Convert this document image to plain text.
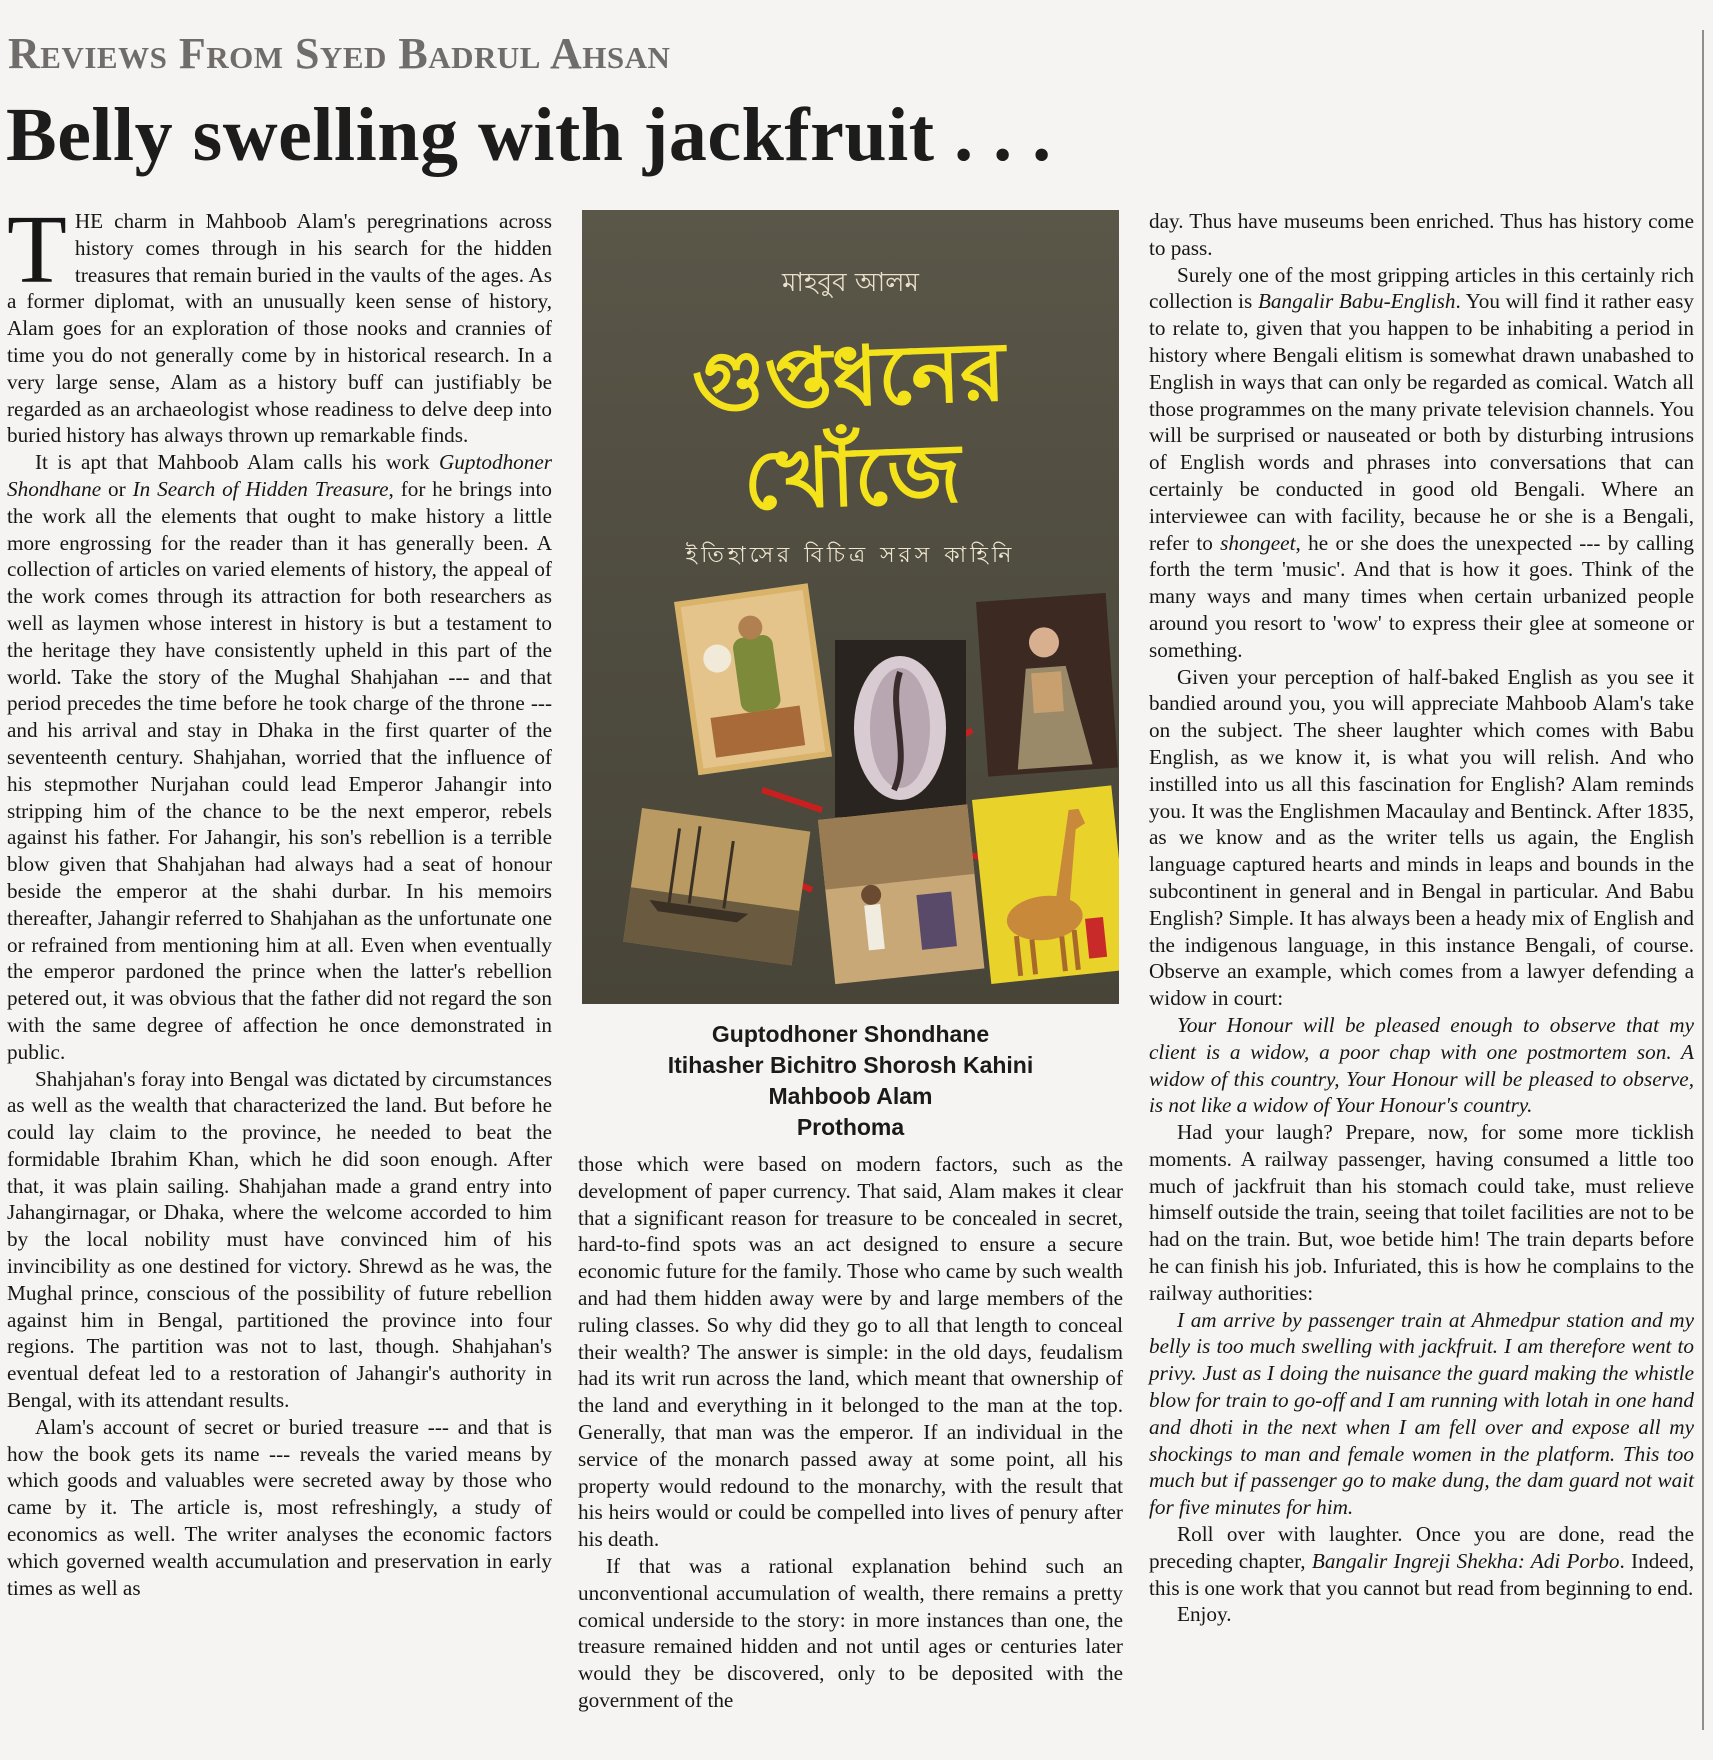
Reviews From Syed Badrul Ahsan
Belly swelling with jackfruit . . .

THE charm in Mahboob Alam's peregrinations across history comes through in his search for the hidden treasures that remain buried in the vaults of the ages. As a former diplomat, with an unusually keen sense of history, Alam goes for an exploration of those nooks and crannies of time you do not generally come by in historical research. In a very large sense, Alam as a history buff can justifiably be regarded as an archaeologist whose readiness to delve deep into buried history has always thrown up remarkable finds.

It is apt that Mahboob Alam calls his work Guptodhoner Shondhane or In Search of Hidden Treasure, for he brings into the work all the elements that ought to make history a little more engrossing for the reader than it has generally been. A collection of articles on varied elements of history, the appeal of the work comes through its attraction for both researchers as well as laymen whose interest in history is but a testament to the heritage they have consistently upheld in this part of the world. Take the story of the Mughal Shahjahan --- and that period precedes the time before he took charge of the throne --- and his arrival and stay in Dhaka in the first quarter of the seventeenth century. Shahjahan, worried that the influence of his stepmother Nurjahan could lead Emperor Jahangir into stripping him of the chance to be the next emperor, rebels against his father. For Jahangir, his son's rebellion is a terrible blow given that Shahjahan had always had a seat of honour beside the emperor at the shahi durbar. In his memoirs thereafter, Jahangir referred to Shahjahan as the unfortunate one or refrained from mentioning him at all. Even when eventually the emperor pardoned the prince when the latter's rebellion petered out, it was obvious that the father did not regard the son with the same degree of affection he once demonstrated in public.

Shahjahan's foray into Bengal was dictated by circumstances as well as the wealth that characterized the land. But before he could lay claim to the province, he needed to beat the formidable Ibrahim Khan, which he did soon enough. After that, it was plain sailing. Shahjahan made a grand entry into Jahangirnagar, or Dhaka, where the welcome accorded to him by the local nobility must have convinced him of his invincibility as one destined for victory. Shrewd as he was, the Mughal prince, conscious of the possibility of future rebellion against him in Bengal, partitioned the province into four regions. The partition was not to last, though. Shahjahan's eventual defeat led to a restoration of Jahangir's authority in Bengal, with its attendant results.

Alam's account of secret or buried treasure --- and that is how the book gets its name --- reveals the varied means by which goods and valuables were secreted away by those who came by it. The article is, most refreshingly, a study of economics as well. The writer analyses the economic factors which governed wealth accumulation and preservation in early times as well as

মাহবুব আলম
গুপ্তধনের খোঁজে
ইতিহাসের বিচিত্র সরস কাহিনি
Guptodhoner Shondhane
Itihasher Bichitro Shorosh Kahini
Mahboob Alam
Prothoma

those which were based on modern factors, such as the development of paper currency. That said, Alam makes it clear that a significant reason for treasure to be concealed in secret, hard-to-find spots was an act designed to ensure a secure economic future for the family. Those who came by such wealth and had them hidden away were by and large members of the ruling classes. So why did they go to all that length to conceal their wealth? The answer is simple: in the old days, feudalism had its writ run across the land, which meant that ownership of the land and everything in it belonged to the man at the top. Generally, that man was the emperor. If an individual in the service of the monarch passed away at some point, all his property would redound to the monarchy, with the result that his heirs would or could be compelled into lives of penury after his death.

If that was a rational explanation behind such an unconventional accumulation of wealth, there remains a pretty comical underside to the story: in more instances than one, the treasure remained hidden and not until ages or centuries later would they be discovered, only to be deposited with the government of the

day. Thus have museums been enriched. Thus has history come to pass.

Surely one of the most gripping articles in this certainly rich collection is Bangalir Babu-English. You will find it rather easy to relate to, given that you happen to be inhabiting a period in history where Bengali elitism is somewhat drawn unabashed to English in ways that can only be regarded as comical. Watch all those programmes on the many private television channels. You will be surprised or nauseated or both by disturbing intrusions of English words and phrases into conversations that can certainly be conducted in good old Bengali. Where an interviewee can with facility, because he or she is a Bengali, refer to shongeet, he or she does the unexpected --- by calling forth the term 'music'. And that is how it goes. Think of the many ways and many times when certain urbanized people around you resort to 'wow' to express their glee at someone or something.

Given your perception of half-baked English as you see it bandied around you, you will appreciate Mahboob Alam's take on the subject. The sheer laughter which comes with Babu English, as we know it, is what you will relish. And who instilled into us all this fascination for English? Alam reminds you. It was the Englishmen Macaulay and Bentinck. After 1835, as we know and as the writer tells us again, the English language captured hearts and minds in leaps and bounds in the subcontinent in general and in Bengal in particular. And Babu English? Simple. It has always been a heady mix of English and the indigenous language, in this instance Bengali, of course. Observe an example, which comes from a lawyer defending a widow in court:

Your Honour will be pleased enough to observe that my client is a widow, a poor chap with one postmortem son. A widow of this country, Your Honour will be pleased to observe, is not like a widow of Your Honour's country.

Had your laugh? Prepare, now, for some more ticklish moments. A railway passenger, having consumed a little too much of jackfruit than his stomach could take, must relieve himself outside the train, seeing that toilet facilities are not to be had on the train. But, woe betide him! The train departs before he can finish his job. Infuriated, this is how he complains to the railway authorities:

I am arrive by passenger train at Ahmedpur station and my belly is too much swelling with jackfruit. I am therefore went to privy. Just as I doing the nuisance the guard making the whistle blow for train to go-off and I am running with lotah in one hand and dhoti in the next when I am fell over and expose all my shockings to man and female women in the platform. This too much but if passenger go to make dung, the dam guard not wait for five minutes for him.

Roll over with laughter. Once you are done, read the preceding chapter, Bangalir Ingreji Shekha: Adi Porbo. Indeed, this is one work that you cannot but read from beginning to end.

Enjoy.
